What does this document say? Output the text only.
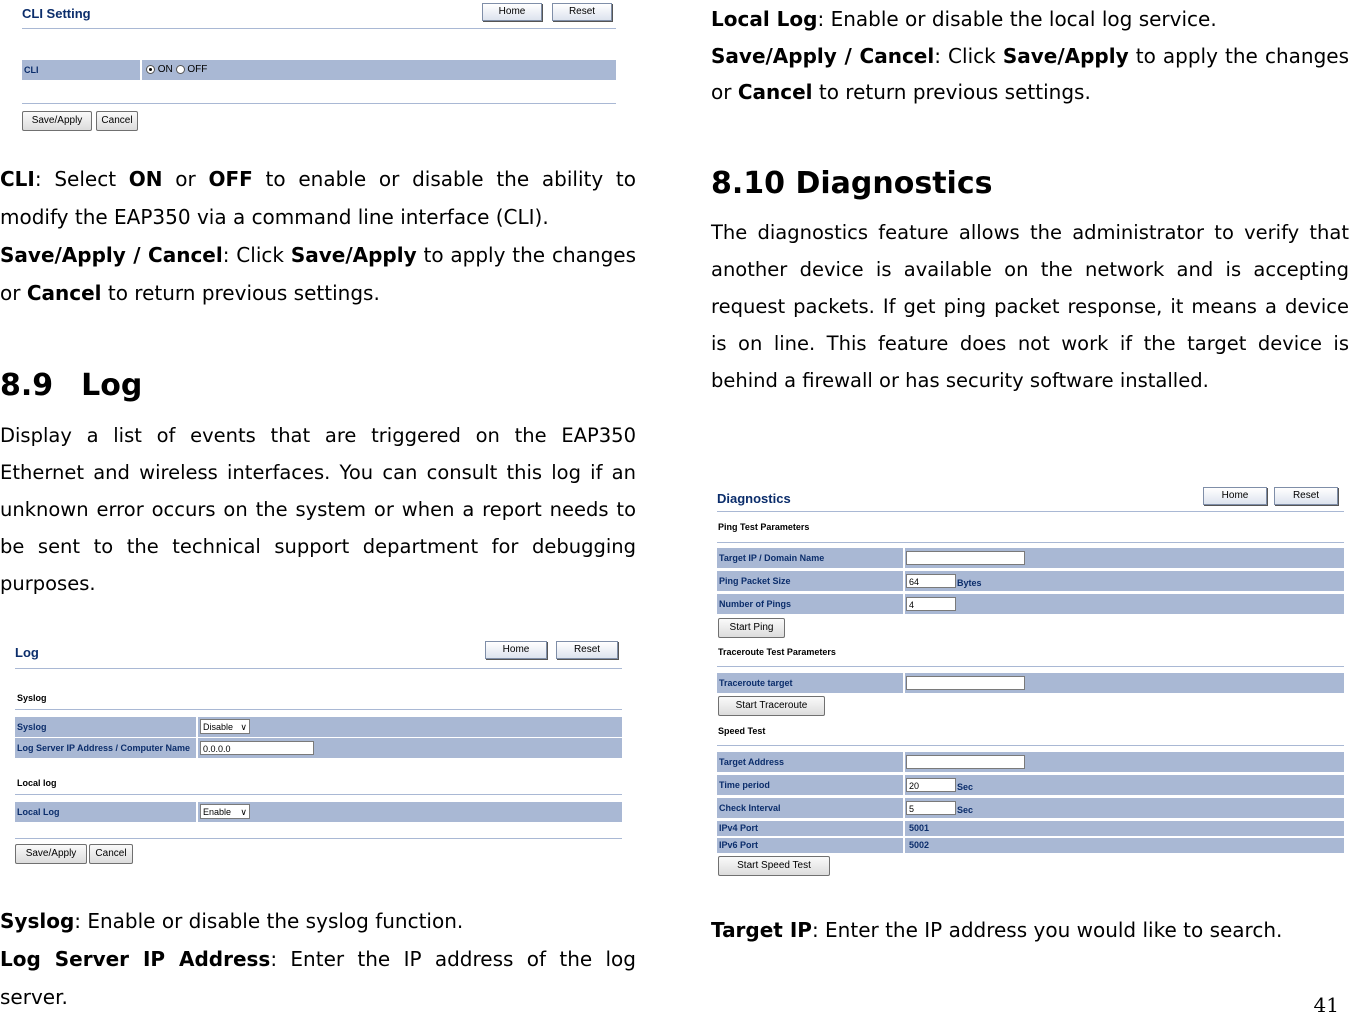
CLI Setting	Home	Reset
CLI	ON OFF
Save/Apply	Cancel

CLI: Select ON or OFF to enable or disable the ability to modify the EAP350 via a command line interface (CLI).

Save/Apply / Cancel: Click Save/Apply to apply the changes or Cancel to return previous settings.

8.9 Log

Display a list of events that are triggered on the EAP350 Ethernet and wireless interfaces. You can consult this log if an unknown error occurs on the system or when a report needs to be sent to the technical support department for debugging purposes.

Log	Home	Reset
Syslog
Syslog	Disable ∨
Log Server IP Address / Computer Name	0.0.0.0
Local log
Local Log	Enable ∨
Save/Apply	Cancel

Syslog: Enable or disable the syslog function.

Log Server IP Address: Enter the IP address of the log server.

Local Log: Enable or disable the local log service.

Save/Apply / Cancel: Click Save/Apply to apply the changes or Cancel to return previous settings.

8.10 Diagnostics

The diagnostics feature allows the administrator to verify that another device is available on the network and is accepting request packets. If get ping packet response, it means a device is on line. This feature does not work if the target device is behind a firewall or has security software installed.

Diagnostics	Home	Reset
Ping Test Parameters
Target IP / Domain Name
Ping Packet Size	64	Bytes
Number of Pings	4
Start Ping
Traceroute Test Parameters
Traceroute target
Start Traceroute
Speed Test
Target Address
Time period	20	Sec
Check Interval	5	Sec
IPv4 Port	5001
IPv6 Port	5002
Start Speed Test

Target IP: Enter the IP address you would like to search.

41
